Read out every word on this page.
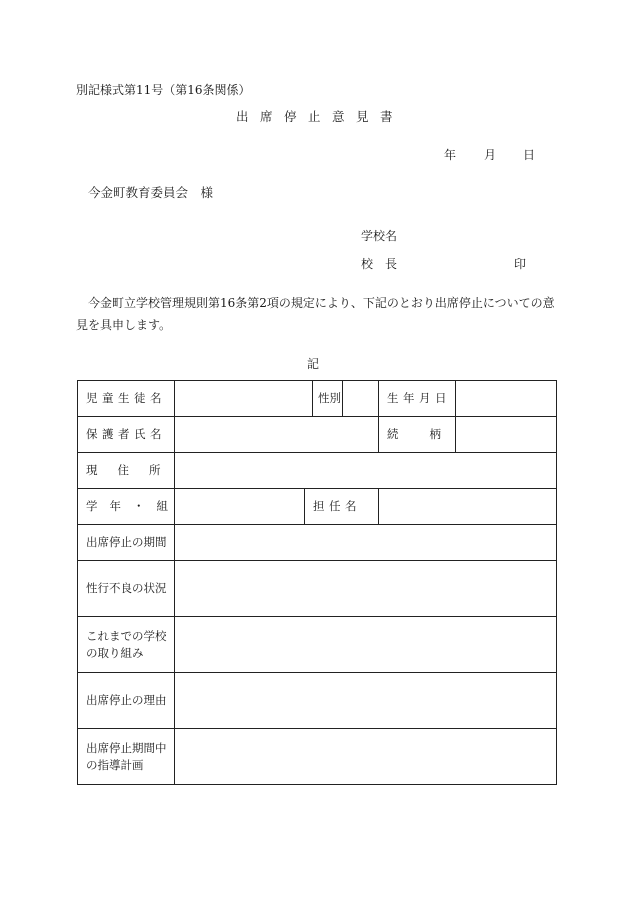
別記様式第11号（第16条関係）
出席停止意見書
年 月 日
今金町教育委員会　様
学校名
校　長	印
今金町立学校管理規則第16条第2項の規定により、下記のとおり出席停止についての意見を具申します。
記
児童生徒名			性別		生年月日	
保護者氏名					続柄	
現住所						
学年・組		担任名				
出席停止の期間						
性行不良の状況						
これまでの学校
の取り組み						
出席停止の理由						
出席停止期間中
の指導計画						
